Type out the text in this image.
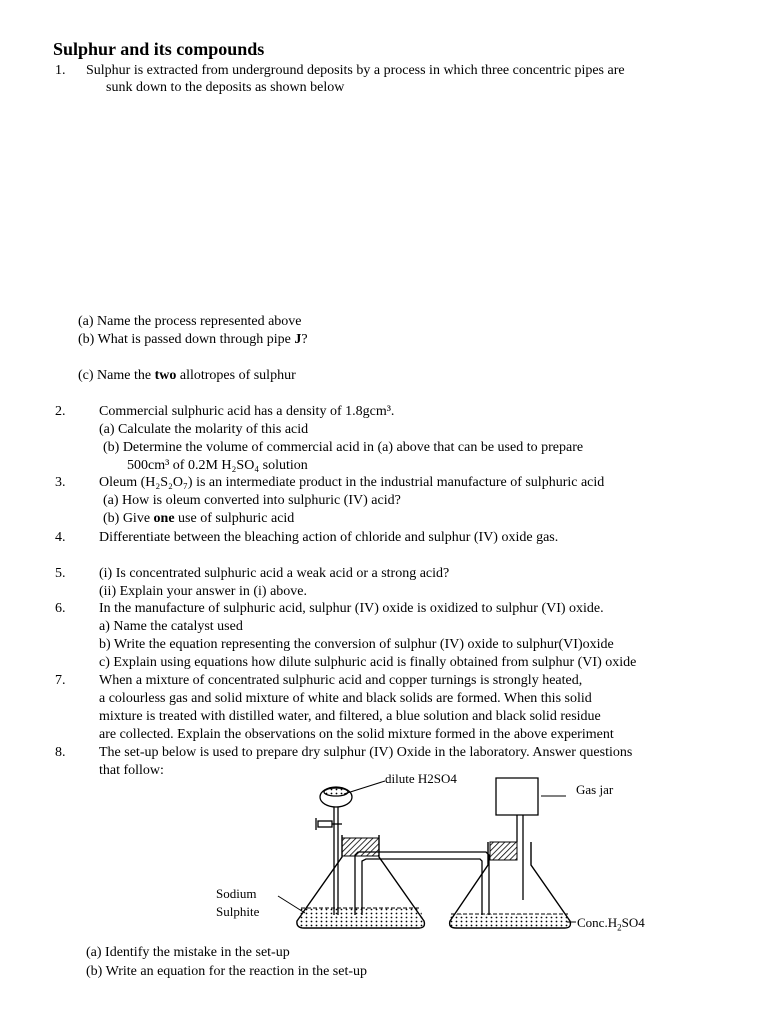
Sulphur and its compounds
1. Sulphur is extracted from underground deposits by a process in which three concentric pipes are
sunk down to the deposits as shown below
(a) Name the process represented above
(b) What is passed down through pipe J?
(c) Name the two allotropes of sulphur
2. Commercial sulphuric acid has a density of 1.8gcm³.
(a) Calculate the molarity of this acid
(b) Determine the volume of commercial acid in (a) above that can be used to prepare
500cm³ of 0.2M H₂SO₄ solution
3. Oleum (H₂S₂O₇) is an intermediate product in the industrial manufacture of sulphuric acid
(a) How is oleum converted into sulphuric (IV) acid?
(b) Give one use of sulphuric acid
4. Differentiate between the bleaching action of chloride and sulphur (IV) oxide gas.
5. (i) Is concentrated sulphuric acid a weak acid or a strong acid?
(ii) Explain your answer in (i) above.
6. In the manufacture of sulphuric acid, sulphur (IV) oxide is oxidized to sulphur (VI) oxide.
a) Name the catalyst used
b) Write the equation representing the conversion of sulphur (IV) oxide to sulphur(VI)oxide
c) Explain using equations how dilute sulphuric acid is finally obtained from sulphur (VI) oxide
7. When a mixture of concentrated sulphuric acid and copper turnings is strongly heated,
a colourless gas and solid mixture of white and black solids are formed. When this solid
mixture is treated with distilled water, and filtered, a blue solution and black solid residue
are collected. Explain the observations on the solid mixture formed in the above experiment
8. The set-up below is used to prepare dry sulphur (IV) Oxide in the laboratory. Answer questions
that follow:
dilute H2SO4
Gas jar
Sodium
Sulphite
$Conc.H_2SO4$
(a) Identify the mistake in the set-up
(b) Write an equation for the reaction in the set-up
